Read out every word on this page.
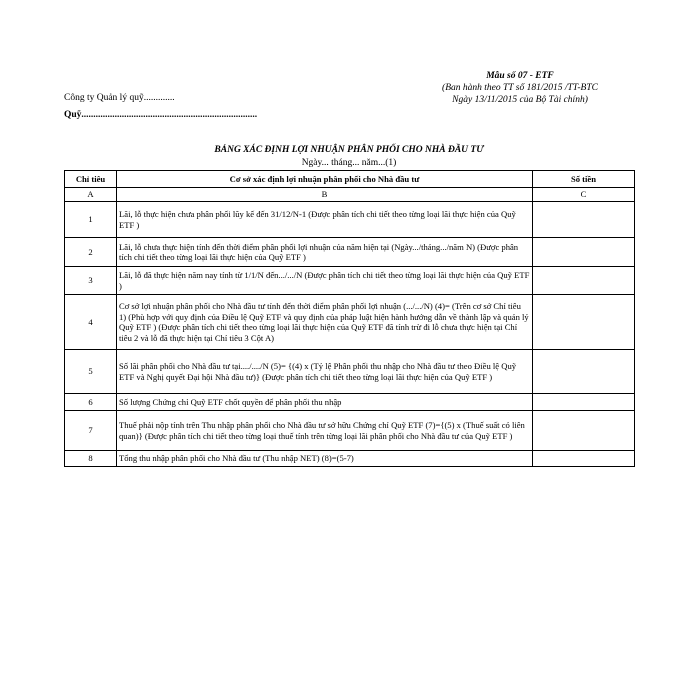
Mẫu số 07 - ETF
(Ban hành theo TT số 181/2015 /TT-BTC
Ngày 13/11/2015 của Bộ Tài chính)
Công ty Quản lý quỹ.............
Quỹ..........................................................................
BẢNG XÁC ĐỊNH LỢI NHUẬN PHÂN PHỐI CHO NHÀ ĐẦU TƯ
Ngày... tháng... năm...(1)
Chỉ tiêu	Cơ sở xác định lợi nhuận phân phối cho Nhà đầu tư	Số tiền
A	B	C
1	Lãi, lỗ thực hiện chưa phân phối lũy kế đến 31/12/N-1 (Được phân tích chi tiết theo từng loại lãi thực hiện của Quỹ ETF )	
2	Lãi, lỗ chưa thực hiện tính đến thời điểm phân phối lợi nhuận của năm hiện tại (Ngày.../tháng.../năm N) (Được phân tích chi tiết theo từng loại lãi thực hiện của Quỹ ETF )	
3	Lãi, lỗ đã thực hiện năm nay tính từ 1/1/N đến.../.../N (Được phân tích chi tiết theo từng loại lãi thực hiện của Quỹ ETF )	
4	Cơ sở lợi nhuận phân phối cho Nhà đầu tư tính đến thời điểm phân phối lợi nhuận (.../.../N) (4)= (Trên cơ sở Chỉ tiêu 1) (Phù hợp với quy định của Điều lệ Quỹ ETF và quy định của pháp luật hiện hành hướng dẫn về thành lập và quản lý Quỹ ETF ) (Được phân tích chi tiết theo từng loại lãi thực hiện của Quỹ ETF đã tính trừ đi lỗ chưa thực hiện tại Chỉ tiêu 2 và lỗ đã thực hiện tại Chỉ tiêu 3 Cột A)	
5	Số lãi phân phối cho Nhà đầu tư tại..../..../N (5)= {(4) x (Tỷ lệ Phân phối thu nhập cho Nhà đầu tư theo Điều lệ Quỹ ETF và Nghị quyết Đại hội Nhà đầu tư)} (Được phân tích chi tiết theo từng loại lãi thực hiện của Quỹ ETF )	
6	Số lượng Chứng chỉ Quỹ ETF chốt quyền để phân phối thu nhập	
7	Thuế phải nộp tính trên Thu nhập phân phối cho Nhà đầu tư sở hữu Chứng chỉ Quỹ ETF (7)={(5) x (Thuế suất có liên quan)} (Được phân tích chi tiết theo từng loại thuế tính trên từng loại lãi phân phối cho Nhà đầu tư của Quỹ ETF )	
8	Tổng thu nhập phân phối cho Nhà đầu tư (Thu nhập NET) (8)=(5-7)	
